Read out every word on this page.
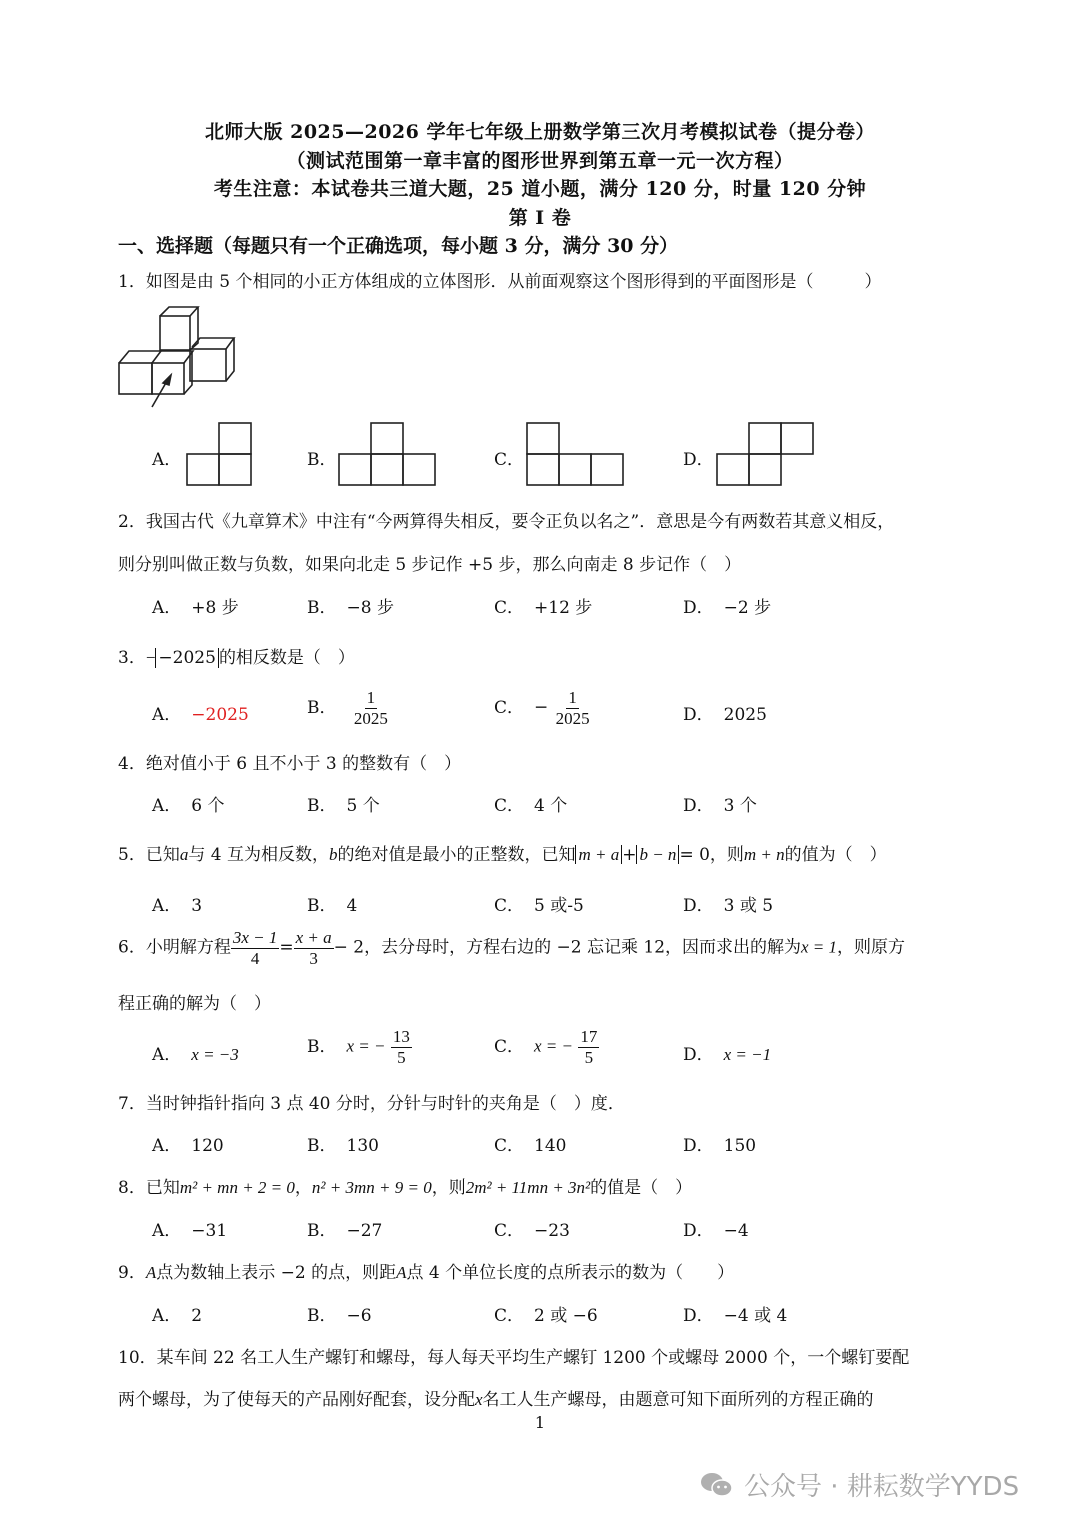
北师大版 2025—2026 学年七年级上册数学第三次月考模拟试卷（提分卷）
（测试范围第一章丰富的图形世界到第五章一元一次方程）
考生注意：本试卷共三道大题，25 道小题，满分 120 分，时量 120 分钟
第 I 卷
一、选择题（每题只有一个正确选项，每小题 3 分，满分 30 分）
1．如图是由 5 个相同的小正方体组成的立体图形．从前面观察这个图形得到的平面图形是（　　　）
A．	B．	C．	D．
2．我国古代《九章算术》中注有“今两算得失相反，要令正负以名之”．意思是今有两数若其意义相反，
则分别叫做正数与负数，如果向北走 5 步记作 +5 步，那么向南走 8 步记作（　）
A． +8 步	B． −8 步	C． +12 步	D． −2 步
3．− −2025 的相反数是（　）
A． −2025	B． $\frac{1}{2025}$	C． − $\frac{1}{2025}$	D． 2025
4．绝对值小于 6 且不小于 3 的整数有（　）
A． 6 个	B． 5 个	C． 4 个	D． 3 个
5．已知a与 4 互为相反数，b的绝对值是最小的正整数，已知 m + a + b − n = 0，则m + n的值为（　）
A． 3	B． 4	C． 5 或-5	D． 3 或 5
6．小明解方程 $\frac{3x - 1}{4} = \frac{x + a}{3} - 2$，去分母时，方程右边的 −2 忘记乘 12，因而求出的解为x = 1，则原方
程正确的解为（　）
A． x = −3	B． x = − $\frac{13}{5}$	C． x = − $\frac{17}{5}$	D． x = −1
7．当时钟指针指向 3 点 40 分时，分针与时针的夹角是（　）度．
A． 120	B． 130	C． 140	D． 150
8．已知m² + mn + 2 = 0，n² + 3mn + 9 = 0，则2m² + 11mn + 3n²的值是（　）
A． −31	B． −27	C． −23	D． −4
9．A点为数轴上表示 −2 的点，则距A点 4 个单位长度的点所表示的数为（　　）
A． 2	B． −6	C． 2 或 −6	D． −4 或 4
10．某车间 22 名工人生产螺钉和螺母，每人每天平均生产螺钉 1200 个或螺母 2000 个，一个螺钉要配
两个螺母，为了使每天的产品刚好配套，设分配x名工人生产螺母，由题意可知下面所列的方程正确的
1
公众号 · 耕耘数学YYDS
